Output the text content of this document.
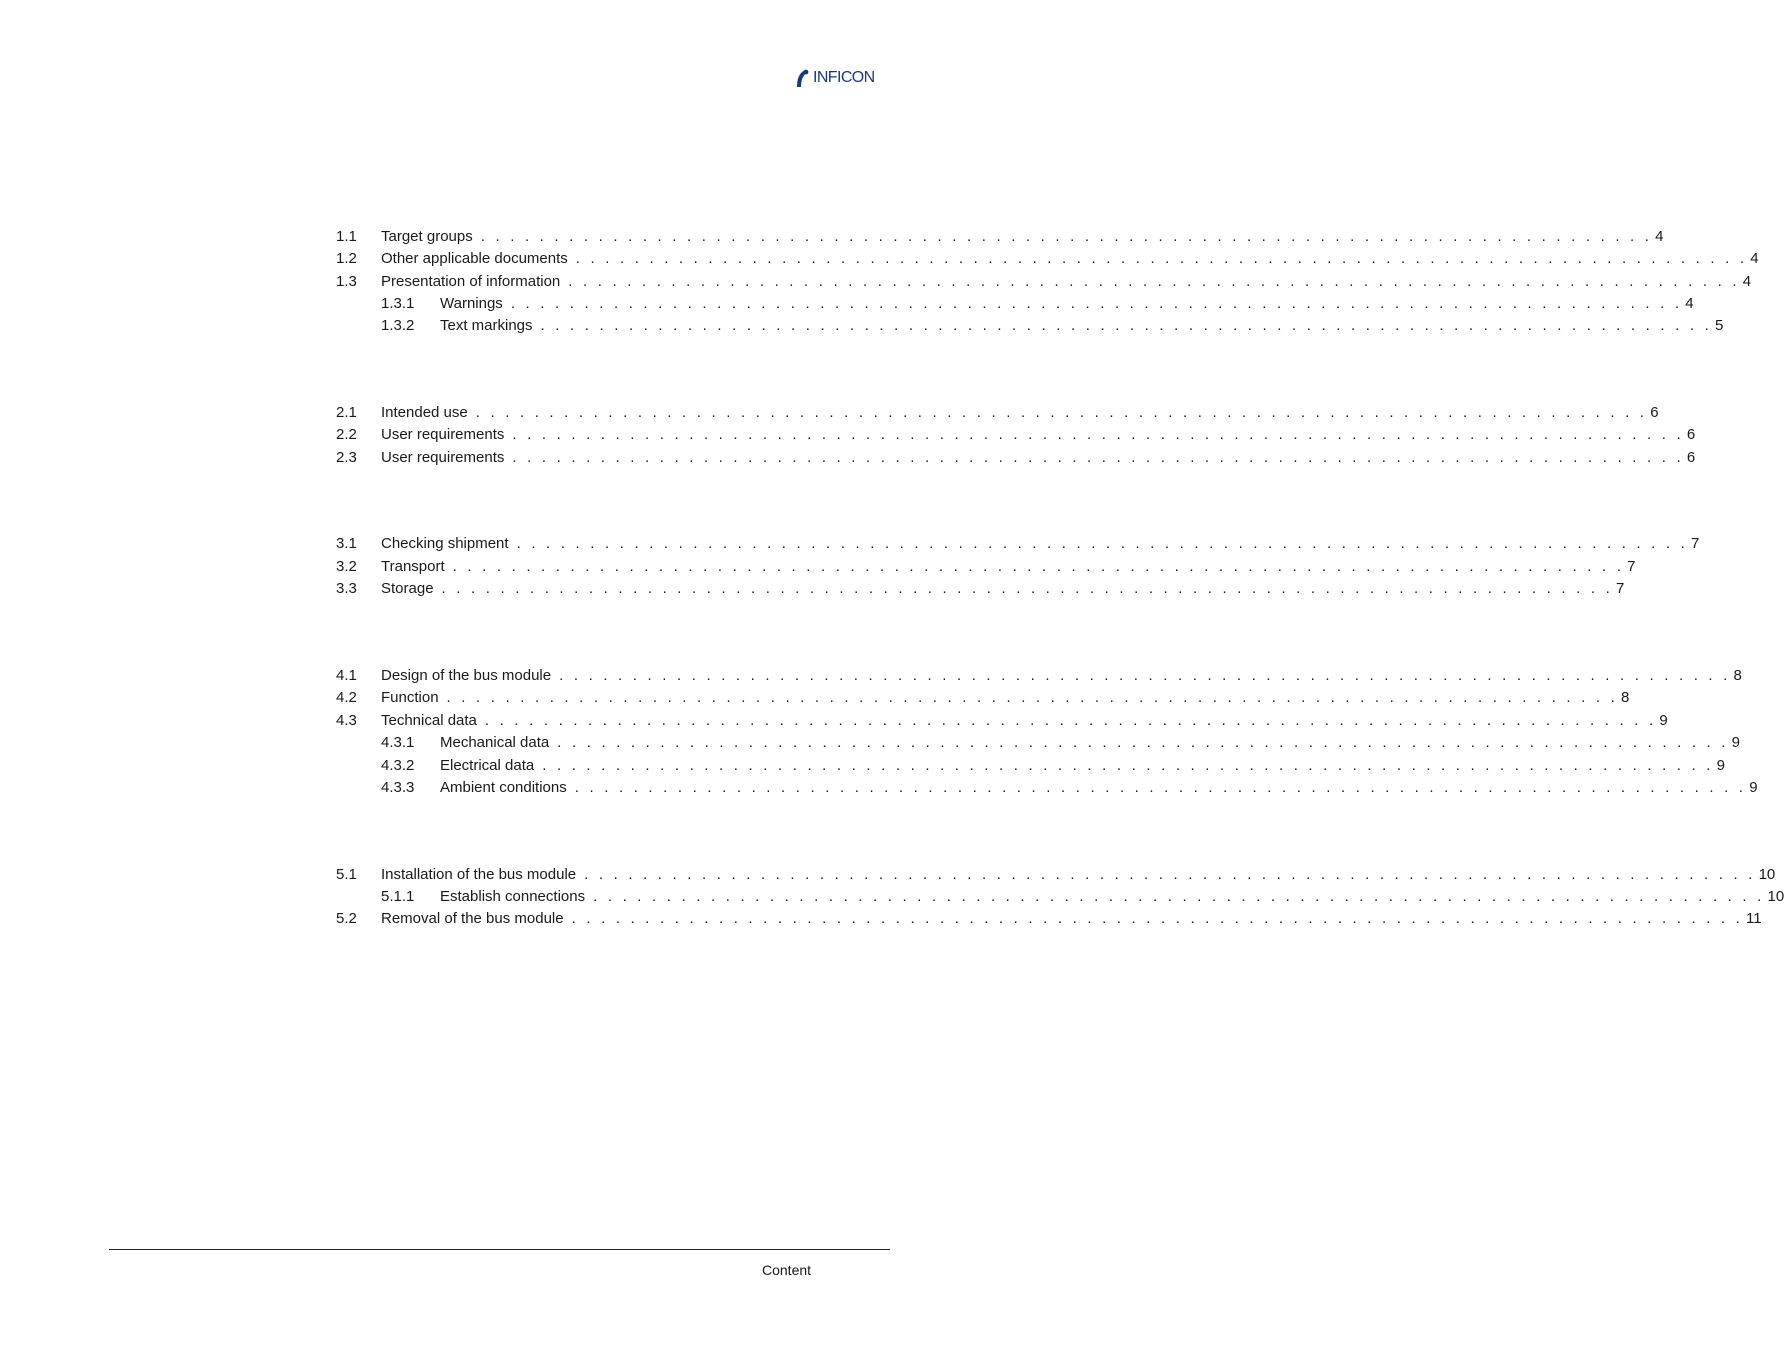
INFICON
1.1	Target groups . . . . . . . . . . . . . . . . . . . . . . . . . . . . . . . . . . . . . . . . . . . . . . . . . . . . . . . . . . . . . . . . . . . . . . . . . . . . . . . . 4
1.2	Other applicable documents . . . . . . . . . . . . . . . . . . . . . . . . . . . . . . . . . . . . . . . . . . . . . . . . . . . . . . . . . . . . . . . . . . . . . . . . . . . . . . . . 4
1.3	Presentation of information . . . . . . . . . . . . . . . . . . . . . . . . . . . . . . . . . . . . . . . . . . . . . . . . . . . . . . . . . . . . . . . . . . . . . . . . . . . . . . . . 4
1.3.1	Warnings . . . . . . . . . . . . . . . . . . . . . . . . . . . . . . . . . . . . . . . . . . . . . . . . . . . . . . . . . . . . . . . . . . . . . . . . . . . . . . . . 4
1.3.2	Text markings . . . . . . . . . . . . . . . . . . . . . . . . . . . . . . . . . . . . . . . . . . . . . . . . . . . . . . . . . . . . . . . . . . . . . . . . . . . . . . . . 5
2.1	Intended use . . . . . . . . . . . . . . . . . . . . . . . . . . . . . . . . . . . . . . . . . . . . . . . . . . . . . . . . . . . . . . . . . . . . . . . . . . . . . . . . 6
2.2	User requirements . . . . . . . . . . . . . . . . . . . . . . . . . . . . . . . . . . . . . . . . . . . . . . . . . . . . . . . . . . . . . . . . . . . . . . . . . . . . . . . . 6
2.3	User requirements . . . . . . . . . . . . . . . . . . . . . . . . . . . . . . . . . . . . . . . . . . . . . . . . . . . . . . . . . . . . . . . . . . . . . . . . . . . . . . . . 6
3.1	Checking shipment . . . . . . . . . . . . . . . . . . . . . . . . . . . . . . . . . . . . . . . . . . . . . . . . . . . . . . . . . . . . . . . . . . . . . . . . . . . . . . . . 7
3.2	Transport . . . . . . . . . . . . . . . . . . . . . . . . . . . . . . . . . . . . . . . . . . . . . . . . . . . . . . . . . . . . . . . . . . . . . . . . . . . . . . . . 7
3.3	Storage . . . . . . . . . . . . . . . . . . . . . . . . . . . . . . . . . . . . . . . . . . . . . . . . . . . . . . . . . . . . . . . . . . . . . . . . . . . . . . . . 7
4.1	Design of the bus module . . . . . . . . . . . . . . . . . . . . . . . . . . . . . . . . . . . . . . . . . . . . . . . . . . . . . . . . . . . . . . . . . . . . . . . . . . . . . . . . 8
4.2	Function . . . . . . . . . . . . . . . . . . . . . . . . . . . . . . . . . . . . . . . . . . . . . . . . . . . . . . . . . . . . . . . . . . . . . . . . . . . . . . . . 8
4.3	Technical data . . . . . . . . . . . . . . . . . . . . . . . . . . . . . . . . . . . . . . . . . . . . . . . . . . . . . . . . . . . . . . . . . . . . . . . . . . . . . . . . 9
4.3.1	Mechanical data . . . . . . . . . . . . . . . . . . . . . . . . . . . . . . . . . . . . . . . . . . . . . . . . . . . . . . . . . . . . . . . . . . . . . . . . . . . . . . . . 9
4.3.2	Electrical data . . . . . . . . . . . . . . . . . . . . . . . . . . . . . . . . . . . . . . . . . . . . . . . . . . . . . . . . . . . . . . . . . . . . . . . . . . . . . . . . 9
4.3.3	Ambient conditions . . . . . . . . . . . . . . . . . . . . . . . . . . . . . . . . . . . . . . . . . . . . . . . . . . . . . . . . . . . . . . . . . . . . . . . . . . . . . . . . 9
5.1	Installation of the bus module . . . . . . . . . . . . . . . . . . . . . . . . . . . . . . . . . . . . . . . . . . . . . . . . . . . . . . . . . . . . . . . . . . . . . . . . . . . . . . . . 10
5.1.1	Establish connections . . . . . . . . . . . . . . . . . . . . . . . . . . . . . . . . . . . . . . . . . . . . . . . . . . . . . . . . . . . . . . . . . . . . . . . . . . . . . . . . 10
5.2	Removal of the bus module . . . . . . . . . . . . . . . . . . . . . . . . . . . . . . . . . . . . . . . . . . . . . . . . . . . . . . . . . . . . . . . . . . . . . . . . . . . . . . . . 11
Content
